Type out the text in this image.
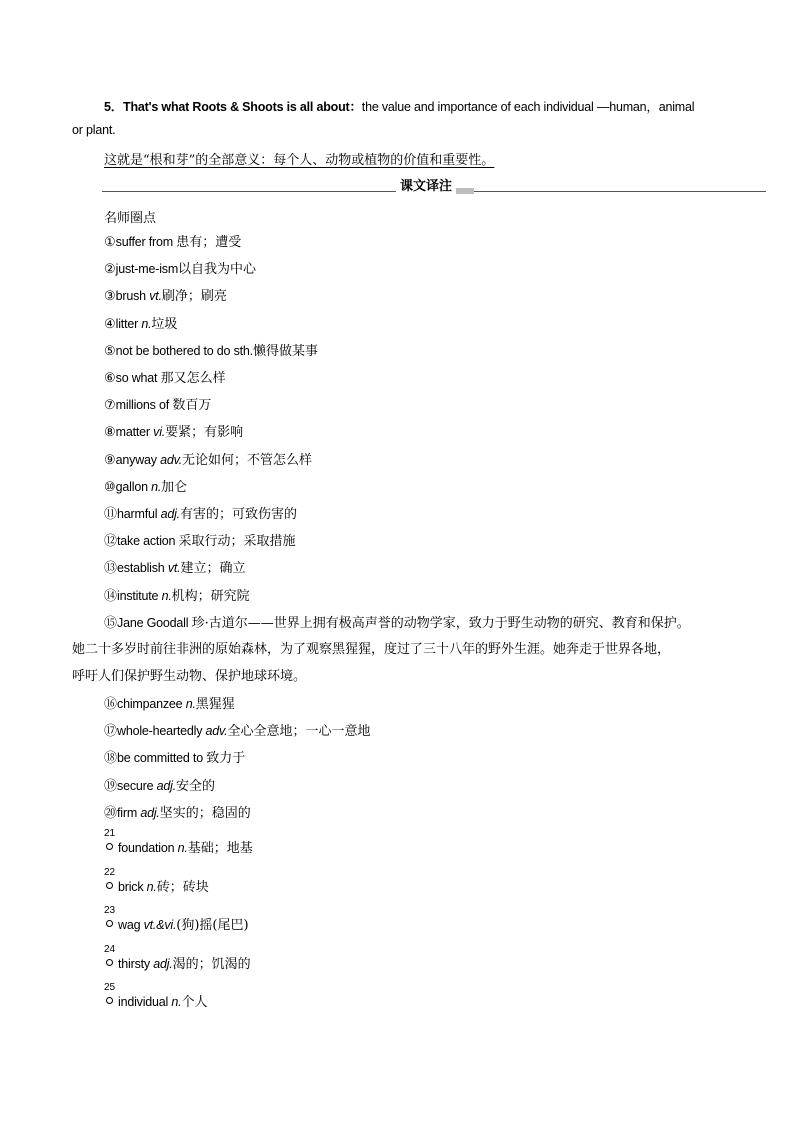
5．That's what Roots & Shoots is all about：the value and importance of each individual —human，animal
or plant.
这就是“根和芽”的全部意义：每个人、动物或植物的价值和重要性。
课文译注
名师圈点
①suffer from 患有；遭受
②just-me-ism以自我为中心
③brush vt.刷净；刷亮
④litter n.垃圾
⑤not be bothered to do sth.懒得做某事
⑥so what 那又怎么样
⑦millions of 数百万
⑧matter vi.要紧；有影响
⑨anyway adv.无论如何；不管怎么样
⑩gallon n.加仑
⑪harmful adj.有害的；可致伤害的
⑫take action 采取行动；采取措施
⑬establish vt.建立；确立
⑭institute n.机构；研究院
⑮Jane Goodall 珍·古道尔——世界上拥有极高声誉的动物学家，致力于野生动物的研究、教育和保护。
她二十多岁时前往非洲的原始森林，为了观察黑猩猩，度过了三十八年的野外生涯。她奔走于世界各地，
呼吁人们保护野生动物、保护地球环境。
⑯chimpanzee n.黑猩猩
⑰whole-heartedly adv.全心全意地；一心一意地
⑱be committed to 致力于
⑲secure adj.安全的
⑳firm adj.坚实的；稳固的
21
foundation n.基础；地基
22
brick n.砖；砖块
23
wag vt.&vi.(狗)摇(尾巴)
24
thirsty adj.渴的；饥渴的
25
individual n.个人
